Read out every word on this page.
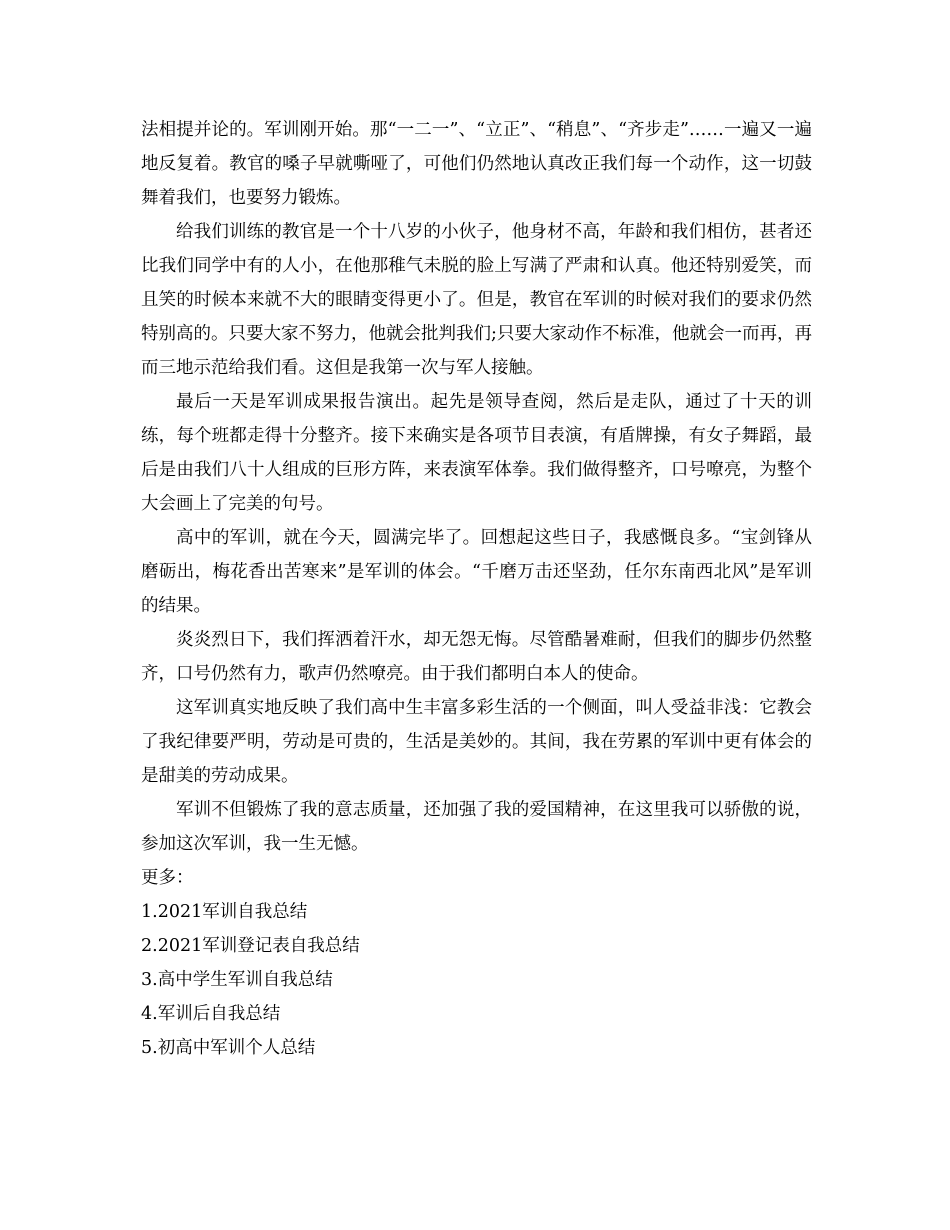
法相提并论的。军训刚开始。那“一二一”、“立正”、“稍息”、“齐步走”……一遍又一遍地反复着。教官的嗓子早就嘶哑了，可他们仍然地认真改正我们每一个动作，这一切鼓舞着我们，也要努力锻炼。

给我们训练的教官是一个十八岁的小伙子，他身材不高，年龄和我们相仿，甚者还比我们同学中有的人小，在他那稚气未脱的脸上写满了严肃和认真。他还特别爱笑，而且笑的时候本来就不大的眼睛变得更小了。但是，教官在军训的时候对我们的要求仍然特别高的。只要大家不努力，他就会批判我们;只要大家动作不标准，他就会一而再，再而三地示范给我们看。这但是我第一次与军人接触。

最后一天是军训成果报告演出。起先是领导查阅，然后是走队，通过了十天的训练，每个班都走得十分整齐。接下来确实是各项节目表演，有盾牌操，有女子舞蹈，最后是由我们八十人组成的巨形方阵，来表演军体拳。我们做得整齐，口号嘹亮，为整个大会画上了完美的句号。

高中的军训，就在今天，圆满完毕了。回想起这些日子，我感慨良多。“宝剑锋从磨砺出，梅花香出苦寒来”是军训的体会。“千磨万击还坚劲，任尔东南西北风”是军训的结果。

炎炎烈日下，我们挥洒着汗水，却无怨无悔。尽管酷暑难耐，但我们的脚步仍然整齐，口号仍然有力，歌声仍然嘹亮。由于我们都明白本人的使命。

这军训真实地反映了我们高中生丰富多彩生活的一个侧面，叫人受益非浅：它教会了我纪律要严明，劳动是可贵的，生活是美妙的。其间，我在劳累的军训中更有体会的是甜美的劳动成果。

军训不但锻炼了我的意志质量，还加强了我的爱国精神，在这里我可以骄傲的说，参加这次军训，我一生无憾。

更多：

1.2021军训自我总结
2.2021军训登记表自我总结
3.高中学生军训自我总结
4.军训后自我总结
5.初高中军训个人总结
